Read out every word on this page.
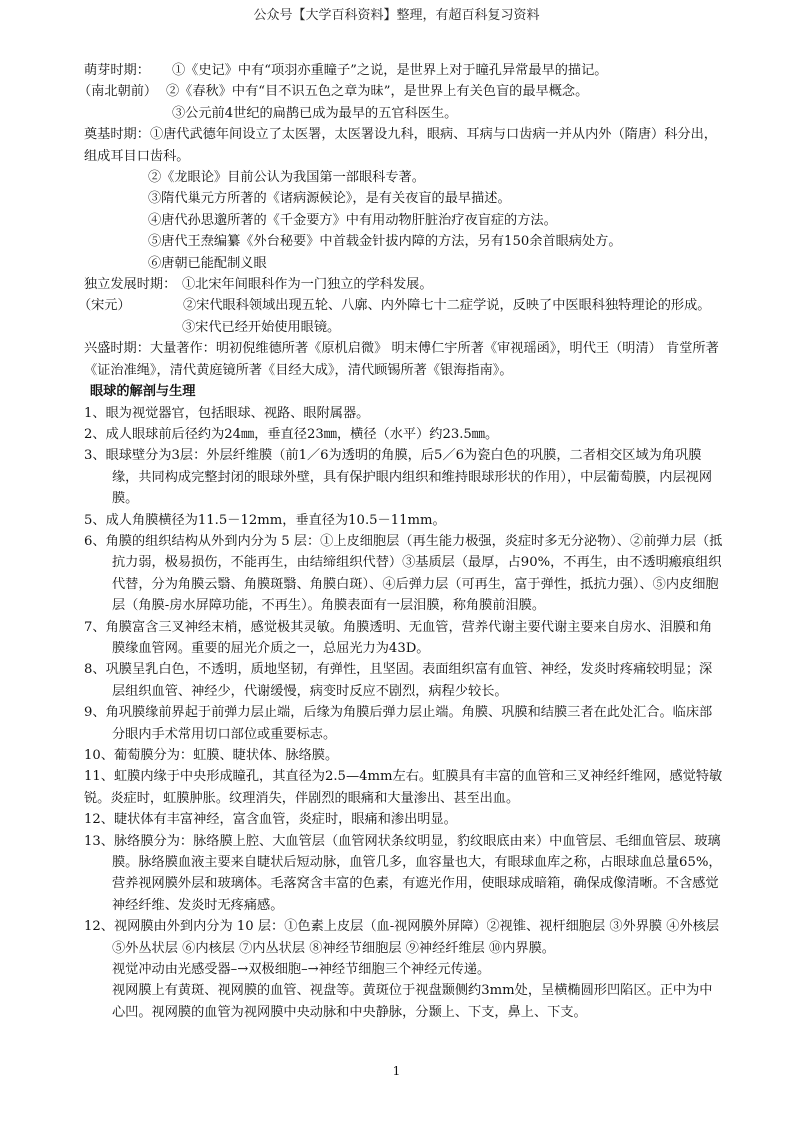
公众号【大学百科资料】整理，有超百科复习资料
萌芽时期：	①《史记》中有“项羽亦重瞳子”之说，是世界上对于瞳孔异常最早的描记。
（南北朝前） ②《春秋》中有“目不识五色之章为昧”，是世界上有关色盲的最早概念。

③公元前4世纪的扁鹊已成为最早的五官科医生。

奠基时期：①唐代武德年间设立了太医署，太医署设九科，眼病、耳病与口齿病一并从内外（隋唐）科分出，组成耳目口齿科。

②《龙眼论》目前公认为我国第一部眼科专著。

③隋代巢元方所著的《诸病源候论》，是有关夜盲的最早描述。

④唐代孙思邈所著的《千金要方》中有用动物肝脏治疗夜盲症的方法。

⑤唐代王焘编纂《外台秘要》中首载金针拔内障的方法，另有150余首眼病处方。

⑥唐朝已能配制义眼

独立发展时期： ①北宋年间眼科作为一门独立的学科发展。
（宋元）	②宋代眼科领域出现五轮、八廓、内外障七十二症学说，反映了中医眼科独特理论的形成。

③宋代已经开始使用眼镜。

兴盛时期：大量著作：明初倪维德所著《原机启微》 明末傅仁宇所著《审视瑶函》，明代王（明清） 肯堂所著《证治准绳》，清代黄庭镜所著《目经大成》，清代顾锡所著《银海指南》。

眼球的解剖与生理

1、眼为视觉器官，包括眼球、视路、眼附属器。

2、成人眼球前后径约为24㎜，垂直径23㎜，横径（水平）约23.5㎜。

3、眼球壁分为3层：外层纤维膜（前1／6为透明的角膜，后5／6为瓷白色的巩膜，二者相交区域为角巩膜缘，共同构成完整封闭的眼球外壁，具有保护眼内组织和维持眼球形状的作用），中层葡萄膜，内层视网膜。

5、成人角膜横径为11.5－12mm，垂直径为10.5－11mm。

6、角膜的组织结构从外到内分为 5 层：①上皮细胞层（再生能力极强，炎症时多无分泌物）、②前弹力层（抵抗力弱，极易损伤，不能再生，由结缔组织代替）③基质层（最厚，占90%，不再生，由不透明瘢痕组织代替，分为角膜云翳、角膜斑翳、角膜白斑）、④后弹力层（可再生，富于弹性，抵抗力强）、⑤内皮细胞层（角膜-房水屏障功能，不再生）。角膜表面有一层泪膜，称角膜前泪膜。

7、角膜富含三叉神经末梢，感觉极其灵敏。角膜透明、无血管，营养代谢主要代谢主要来自房水、泪膜和角膜缘血管网。重要的屈光介质之一，总屈光力为43D。

8、巩膜呈乳白色，不透明，质地坚韧，有弹性，且坚固。表面组织富有血管、神经，发炎时疼痛较明显；深层组织血管、神经少，代谢缓慢，病变时反应不剧烈，病程少较长。

9、角巩膜缘前界起于前弹力层止端，后缘为角膜后弹力层止端。角膜、巩膜和结膜三者在此处汇合。临床部分眼内手术常用切口部位或重要标志。

10、葡萄膜分为：虹膜、睫状体、脉络膜。

11、虹膜内缘于中央形成瞳孔，其直径为2.5—4mm左右。虹膜具有丰富的血管和三叉神经纤维网，感觉特敏锐。炎症时，虹膜肿胀。纹理消失，伴剧烈的眼痛和大量渗出、甚至出血。

12、睫状体有丰富神经，富含血管，炎症时，眼痛和渗出明显。

13、脉络膜分为：脉络膜上腔、大血管层（血管网状条纹明显，豹纹眼底由来）中血管层、毛细血管层、玻璃膜。脉络膜血液主要来自睫状后短动脉，血管几多，血容量也大，有眼球血库之称，占眼球血总量65%，营养视网膜外层和玻璃体。毛落窝含丰富的色素，有遮光作用，使眼球成暗箱，确保成像清晰。不含感觉神经纤维、发炎时无疼痛感。

12、视网膜由外到内分为 10 层：①色素上皮层（血-视网膜外屏障）②视锥、视杆细胞层 ③外界膜 ④外核层 ⑤外丛状层 ⑥内核层 ⑦内丛状层 ⑧神经节细胞层 ⑨神经纤维层 ⑩内界膜。

视觉冲动由光感受器–→双极细胞–→神经节细胞三个神经元传递。

视网膜上有黄斑、视网膜的血管、视盘等。黄斑位于视盘颞侧约3mm处，呈横椭圆形凹陷区。正中为中心凹。视网膜的血管为视网膜中央动脉和中央静脉，分颞上、下支，鼻上、下支。

1
